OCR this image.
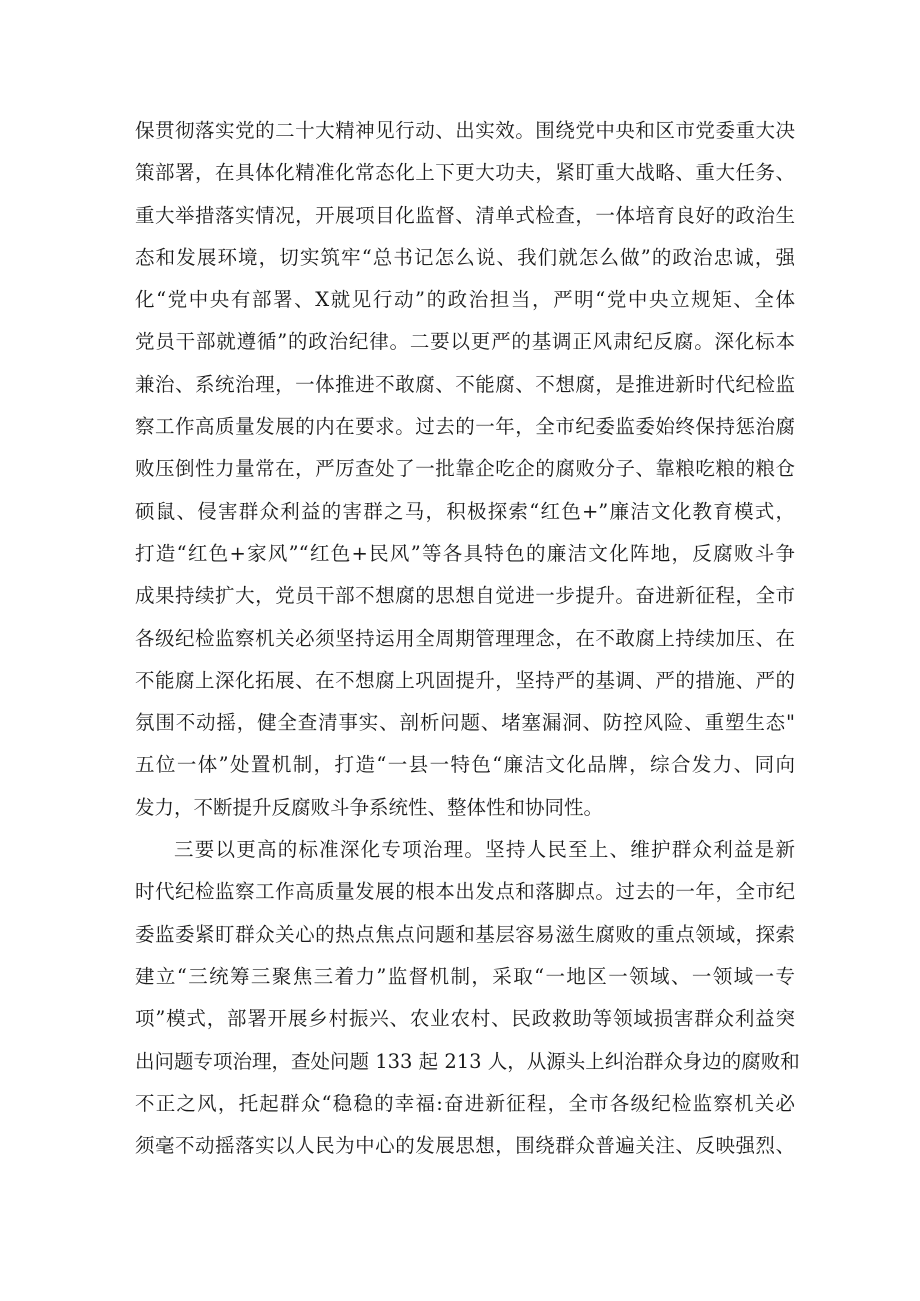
保贯彻落实党的二十大精神见行动、出实效。围绕党中央和区市党委重大决
策部署，在具体化精准化常态化上下更大功夫，紧盯重大战略、重大任务、
重大举措落实情况，开展项目化监督、清单式检查，一体培育良好的政治生
态和发展环境，切实筑牢“总书记怎么说、我们就怎么做”的政治忠诚，强
化“党中央有部署、X就见行动”的政治担当，严明“党中央立规矩、全体
党员干部就遵循”的政治纪律。二要以更严的基调正风肃纪反腐。深化标本
兼治、系统治理，一体推进不敢腐、不能腐、不想腐，是推进新时代纪检监
察工作高质量发展的内在要求。过去的一年，全市纪委监委始终保持惩治腐
败压倒性力量常在，严厉查处了一批靠企吃企的腐败分子、靠粮吃粮的粮仓
硕鼠、侵害群众利益的害群之马，积极探索“红色+”廉洁文化教育模式，
打造“红色+家风”“红色+民风”等各具特色的廉洁文化阵地，反腐败斗争
成果持续扩大，党员干部不想腐的思想自觉进一步提升。奋进新征程，全市
各级纪检监察机关必须坚持运用全周期管理理念，在不敢腐上持续加压、在
不能腐上深化拓展、在不想腐上巩固提升，坚持严的基调、严的措施、严的
氛围不动摇，健全查清事实、剖析问题、堵塞漏洞、防控风险、重塑生态"
五位一体”处置机制，打造“一县一特色“廉洁文化品牌，综合发力、同向
发力，不断提升反腐败斗争系统性、整体性和协同性。
三要以更高的标准深化专项治理。坚持人民至上、维护群众利益是新
时代纪检监察工作高质量发展的根本出发点和落脚点。过去的一年，全市纪
委监委紧盯群众关心的热点焦点问题和基层容易滋生腐败的重点领域，探索
建立“三统筹三聚焦三着力”监督机制，采取“一地区一领域、一领域一专
项”模式，部署开展乡村振兴、农业农村、民政救助等领域损害群众利益突
出问题专项治理，查处问题 133 起 213 人，从源头上纠治群众身边的腐败和
不正之风，托起群众“稳稳的幸福:奋进新征程，全市各级纪检监察机关必
须毫不动摇落实以人民为中心的发展思想，围绕群众普遍关注、反映强烈、
